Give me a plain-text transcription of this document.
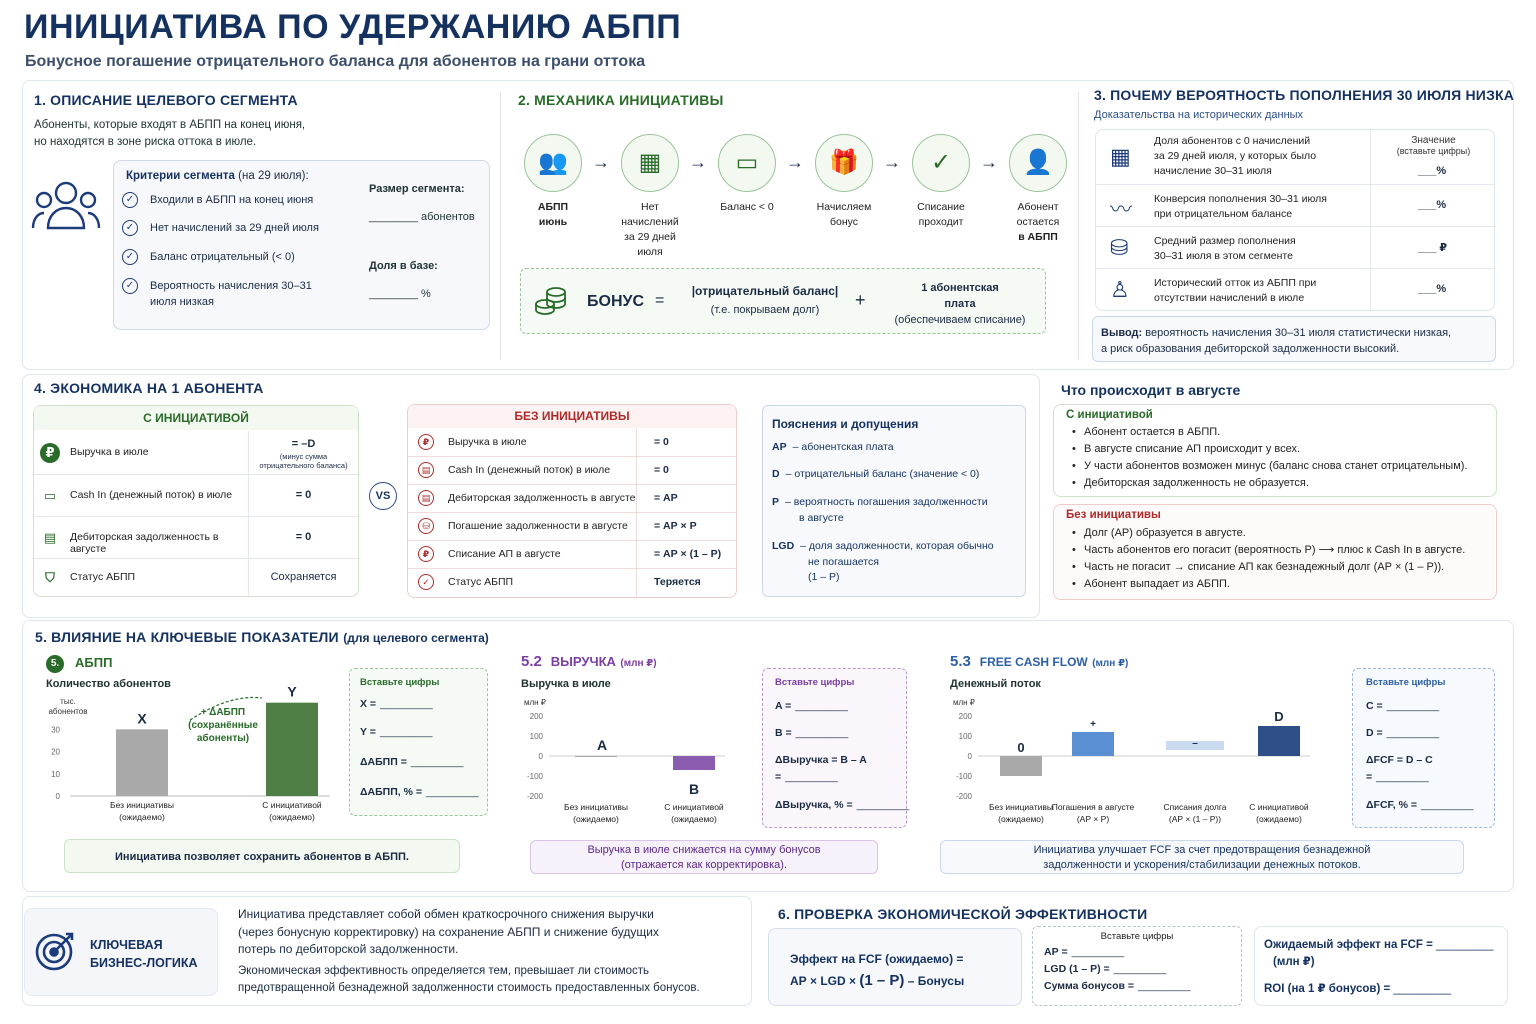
ИНИЦИАТИВА ПО УДЕРЖАНИЮ АБПП
Бонусное погашение отрицательного баланса для абонентов на грани оттока
1. ОПИСАНИЕ ЦЕЛЕВОГО СЕГМЕНТА
Абоненты, которые входят в АБПП на конец июня,
но находятся в зоне риска оттока в июле.
Критерии сегмента (на 29 июля):
✓	Входили в АБПП на конец июня
✓	Нет начислений за 29 дней июля
✓	Баланс отрицательный (< 0)
✓	Вероятность начисления 30–31 июля низкая
Размер сегмента:
________ абонентов
Доля в базе:
________ %
2. МЕХАНИКА ИНИЦИАТИВЫ
👥
АБПП
июнь
→	▦
Нет начислений
за 29 дней июля
→	▭
Баланс < 0
→	🎁
Начисляем
бонус
→	✓
Списание
проходит
→	👤
Абонент
остается
в АБПП
БОНУС =
|отрицательный баланс|
(т.е. покрываем долг)	+
1 абонентская
плата
(обеспечиваем списание)
3. ПОЧЕМУ ВЕРОЯТНОСТЬ ПОПОЛНЕНИЯ 30 ИЮЛЯ НИЗКА
Доказательства на исторических данных
Значение
(вставьте цифры)
▦
Доля абонентов с 0 начислений
за 29 дней июля, у которых было
начисление 30–31 июля	___%
〰 Конверсия пополнения 30–31 июля
при отрицательном балансе
___%
⛁ Средний размер пополнения
30–31 июля в этом сегменте
___ ₽
♙ Исторический отток из АБПП при
отсутствии начислений в июле
___%
Вывод: вероятность начисления 30–31 июля статистически низкая,
а риск образования дебиторской задолженности высокий.
4. ЭКОНОМИКА НА 1 АБОНЕНТА
С ИНИЦИАТИВОЙ
₽	Выручка в июле
= –D
(минус сумма
отрицательного баланса)
▭	Cash In (денежный поток) в июле	= 0
▤	Дебиторская задолженность в августе
= 0
⛉	Статус АБПП	Сохраняется
VS
БЕЗ ИНИЦИАТИВЫ
₽	Выручка в июле	= 0
▤	Cash In (денежный поток) в июле	= 0
▤	Дебиторская задолженность в августе = АР
⛁	Погашение задолженности в августе = АР × Р
₽	Списание АП в августе	= АР × (1 – Р)
✓	Статус АБПП	Теряется
Пояснения и допущения
АР – абонентская плата
D – отрицательный баланс (значение < 0)
Р – вероятность погашения задолженности
в августе
LGD – доля задолженности, которая обычно
не погашается
(1 – Р)
Что происходит в августе
С инициативой
• Абонент остается в АБПП.
• В августе списание АП происходит у всех.
• У части абонентов возможен минус (баланс снова станет отрицательным).
• Дебиторская задолженность не образуется.
Без инициативы
• Долг (АР) образуется в августе.
• Часть абонентов его погасит (вероятность Р) ⟶ плюс к Cash In в августе.
• Часть не погасит → списание АП как безнадежный долг (АР × (1 – Р)).
• Абонент выпадает из АБПП.
5. ВЛИЯНИЕ НА КЛЮЧЕВЫЕ ПОКАЗАТЕЛИ (для целевого сегмента)
5.	АБПП
Количество абонентов
тыс.
абонентов
0
10
20
30
X
Без инициативы
(ожидаемо)
Y
С инициативой
(ожидаемо)
+ ΔАБПП
(сохранённые
абоненты)
Вставьте цифры
X = _________
Y = _________
ΔАБПП = _________
ΔАБПП, % = _________
Инициатива позволяет сохранить абонентов в АБПП.
5.2 ВЫРУЧКА (млн ₽)
Выручка в июле
млн ₽
200
100
0
-100
-200
A
Без инициативы
(ожидаемо)
B
С инициативой
(ожидаемо)
Вставьте цифры
A = _________
B = _________
ΔВыручка = B – A
= _________
ΔВыручка, % = _________
Выручка в июле снижается на сумму бонусов
(отражается как корректировка).
5.3 FREE CASH FLOW (млн ₽)
Денежный поток
млн ₽
200
100
0
-100
-200
0
Без инициативы
(ожидаемо)
+
Погашения в августе
(АР × Р)
–
Списания долга
(АР × (1 – Р))
D
С инициативой
(ожидаемо)
Вставьте цифры
C = _________
D = _________
ΔFCF = D – C
= _________
ΔFCF, % = _________
Инициатива улучшает FCF за счет предотвращения безнадежной
задолженности и ускорения/стабилизации денежных потоков.
КЛЮЧЕВАЯ
БИЗНЕС-ЛОГИКА
Инициатива представляет собой обмен краткосрочного снижения выручки
(через бонусную корректировку) на сохранение АБПП и снижение будущих
потерь по дебиторской задолженности.
Экономическая эффективность определяется тем, превышает ли стоимость
предотвращенной безнадежной задолженности стоимость предоставленных бонусов.
6. ПРОВЕРКА ЭКОНОМИЧЕСКОЙ ЭФФЕКТИВНОСТИ
Эффект на FCF (ожидаемо) =
АР × LGD × (1 – Р) – Бонусы
Вставьте цифры
АР = _________
LGD (1 – Р) = _________
Сумма бонусов = _________
Ожидаемый эффект на FCF = _________
(млн ₽)
ROI (на 1 ₽ бонусов) = _________
